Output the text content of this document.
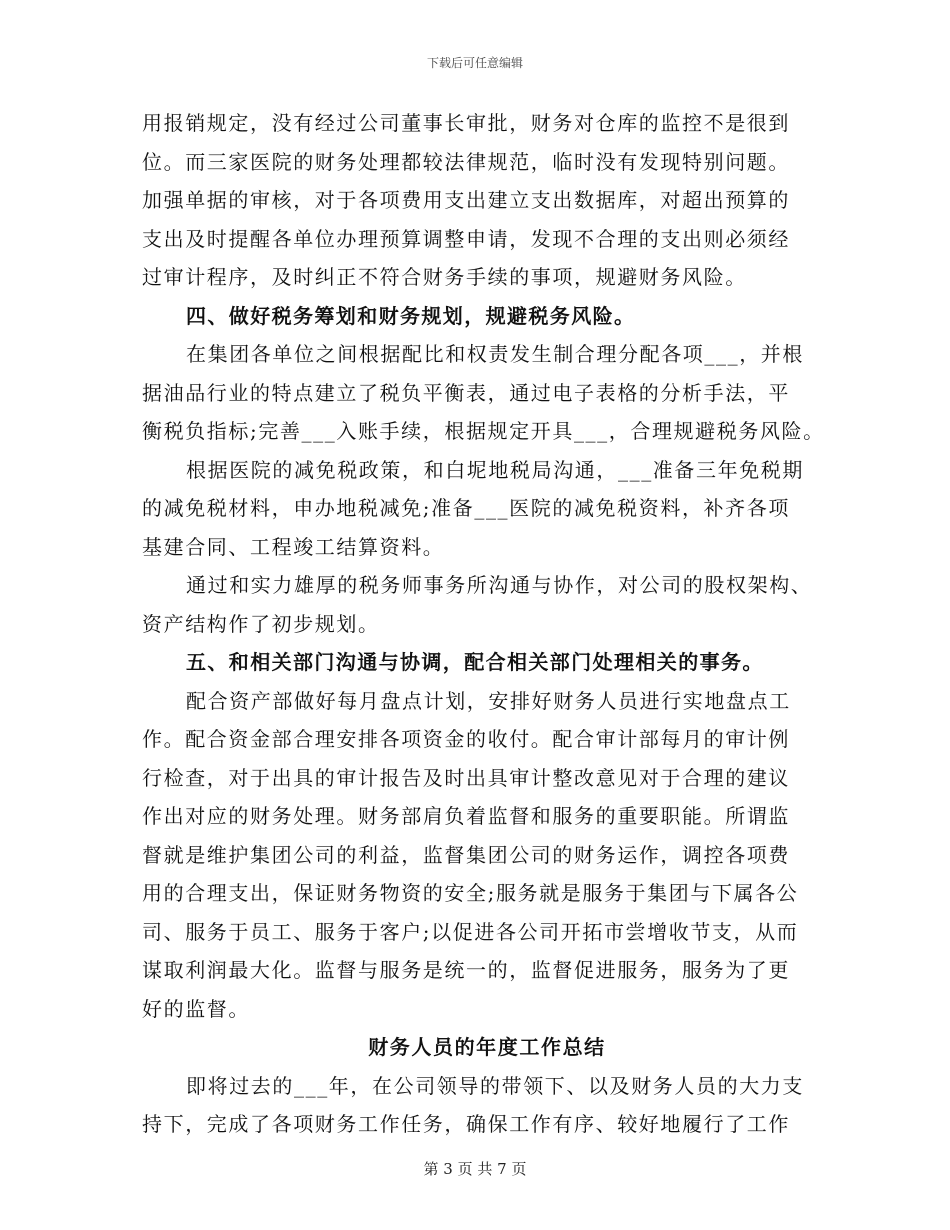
下载后可任意编辑
用报销规定，没有经过公司董事长审批，财务对仓库的监控不是很到
位。而三家医院的财务处理都较法律规范，临时没有发现特别问题。
加强单据的审核，对于各项费用支出建立支出数据库，对超出预算的
支出及时提醒各单位办理预算调整申请，发现不合理的支出则必须经
过审计程序，及时纠正不符合财务手续的事项，规避财务风险。
四、做好税务筹划和财务规划，规避税务风险。
在集团各单位之间根据配比和权责发生制合理分配各项___，并根
据油品行业的特点建立了税负平衡表，通过电子表格的分析手法，平
衡税负指标;完善___入账手续，根据规定开具___，合理规避税务风险。
根据医院的减免税政策，和白坭地税局沟通，___准备三年免税期
的减免税材料，申办地税减免;准备___医院的减免税资料，补齐各项
基建合同、工程竣工结算资料。
通过和实力雄厚的税务师事务所沟通与协作，对公司的股权架构、
资产结构作了初步规划。
五、和相关部门沟通与协调，配合相关部门处理相关的事务。
配合资产部做好每月盘点计划，安排好财务人员进行实地盘点工
作。配合资金部合理安排各项资金的收付。配合审计部每月的审计例
行检查，对于出具的审计报告及时出具审计整改意见对于合理的建议
作出对应的财务处理。财务部肩负着监督和服务的重要职能。所谓监
督就是维护集团公司的利益，监督集团公司的财务运作，调控各项费
用的合理支出，保证财务物资的安全;服务就是服务于集团与下属各公
司、服务于员工、服务于客户;以促进各公司开拓市尝增收节支，从而
谋取利润最大化。监督与服务是统一的，监督促进服务，服务为了更
好的监督。
财务人员的年度工作总结
即将过去的___年，在公司领导的带领下、以及财务人员的大力支
持下，完成了各项财务工作任务，确保工作有序、较好地履行了工作
第 3 页 共 7 页
